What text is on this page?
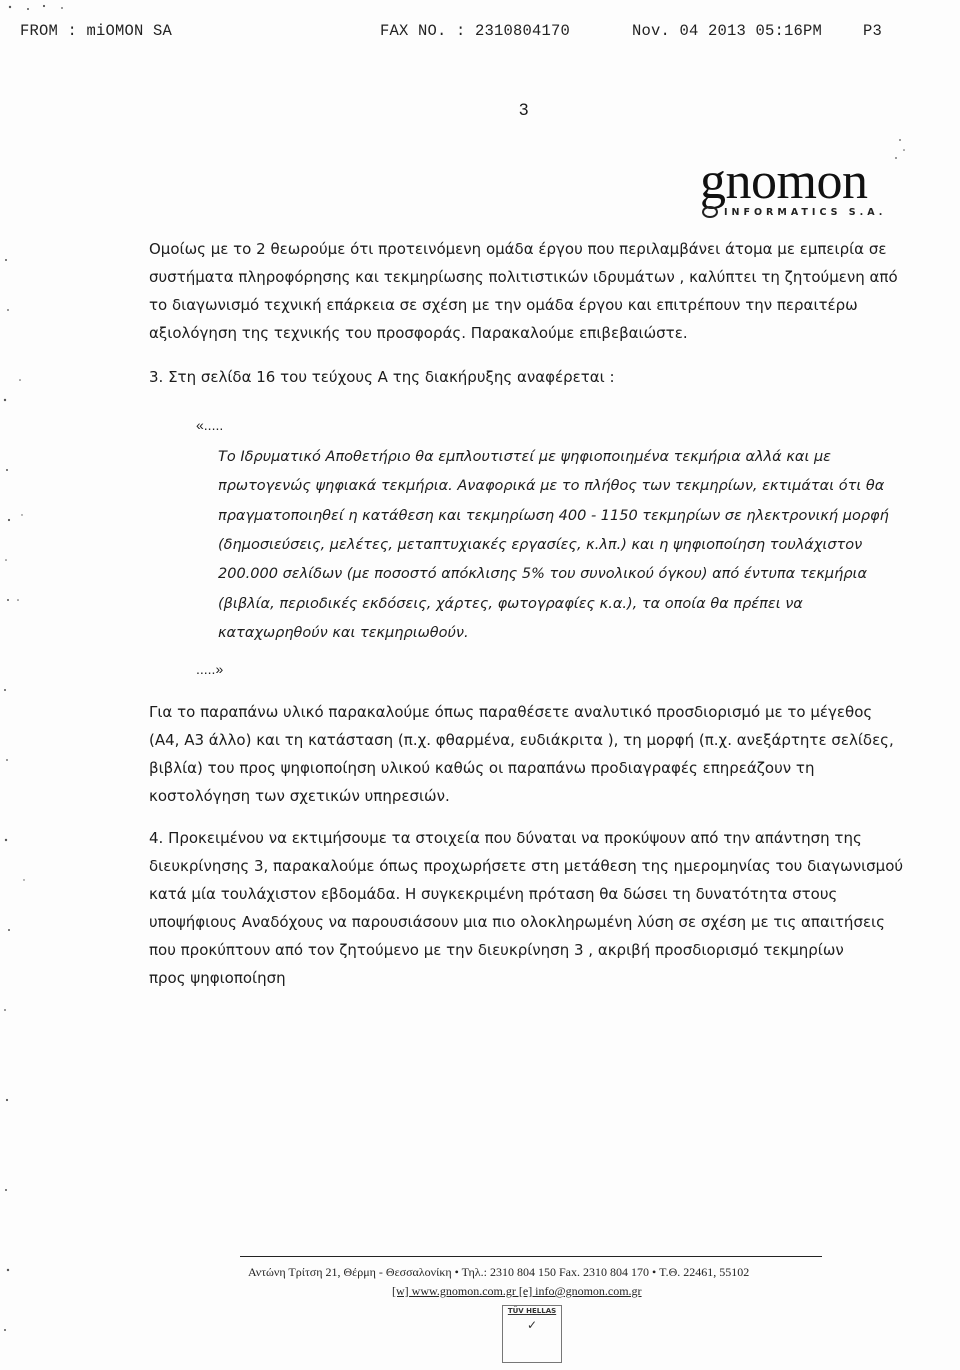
FROM : miOMON SA

	FAX NO. : 2310804170

	Nov. 04 2013 05:16PM

	P3

3
gnomon
INFORMATICS S.A.
Ομοίως με το 2 θεωρούμε ότι προτεινόμενη ομάδα έργου που περιλαμβάνει άτομα με εμπειρία σε
συστήματα πληροφόρησης και τεκμηρίωσης πολιτιστικών ιδρυμάτων , καλύπτει τη ζητούμενη από
το διαγωνισμό τεχνική επάρκεια σε σχέση με την ομάδα έργου και επιτρέπουν την περαιτέρω
αξιολόγηση της τεχνικής του προσφοράς. Παρακαλούμε επιβεβαιώστε.
3. Στη σελίδα 16 του τεύχους Α της διακήρυξης αναφέρεται :
«.....
Το Ιδρυματικό Αποθετήριο θα εμπλουτιστεί με ψηφιοποιημένα τεκμήρια αλλά και με
πρωτογενώς ψηφιακά τεκμήρια. Αναφορικά με το πλήθος των τεκμηρίων, εκτιμάται ότι θα
πραγματοποιηθεί η κατάθεση και τεκμηρίωση 400 - 1150 τεκμηρίων σε ηλεκτρονική μορφή
(δημοσιεύσεις, μελέτες, μεταπτυχιακές εργασίες, κ.λπ.) και η ψηφιοποίηση τουλάχιστον
200.000 σελίδων (με ποσοστό απόκλισης 5% του συνολικού όγκου) από έντυπα τεκμήρια
(βιβλία, περιοδικές εκδόσεις, χάρτες, φωτογραφίες κ.α.), τα οποία θα πρέπει να
καταχωρηθούν και τεκμηριωθούν.
.....»
Για το παραπάνω υλικό παρακαλούμε όπως παραθέσετε αναλυτικό προσδιορισμό με το μέγεθος
(Α4, Α3 άλλο) και τη κατάσταση (π.χ. φθαρμένα, ευδιάκριτα ), τη μορφή (π.χ. ανεξάρτητε σελίδες,
βιβλία) του προς ψηφιοποίηση υλικού καθώς οι παραπάνω προδιαγραφές επηρεάζουν τη
κοστολόγηση των σχετικών υπηρεσιών.
4. Προκειμένου να εκτιμήσουμε τα στοιχεία που δύναται να προκύψουν από την απάντηση της
διευκρίνησης 3, παρακαλούμε όπως προχωρήσετε στη μετάθεση της ημερομηνίας του διαγωνισμού
κατά μία τουλάχιστον εβδομάδα. Η συγκεκριμένη πρόταση θα δώσει τη δυνατότητα στους
υποψήφιους Αναδόχους να παρουσιάσουν μια πιο ολοκληρωμένη λύση σε σχέση με τις απαιτήσεις
που προκύπτουν από τον ζητούμενο με την διευκρίνηση 3 , ακριβή προσδιορισμό τεκμηρίων
προς ψηφιοποίηση
Αντώνη Τρίτση 21, Θέρμη - Θεσσαλονίκη • Τηλ.: 2310 804 150 Fax. 2310 804 170 • Τ.Θ. 22461, 55102
[w] www.gnomon.com.gr [e] info@gnomon.com.gr
TÜV HELLAS
✓
